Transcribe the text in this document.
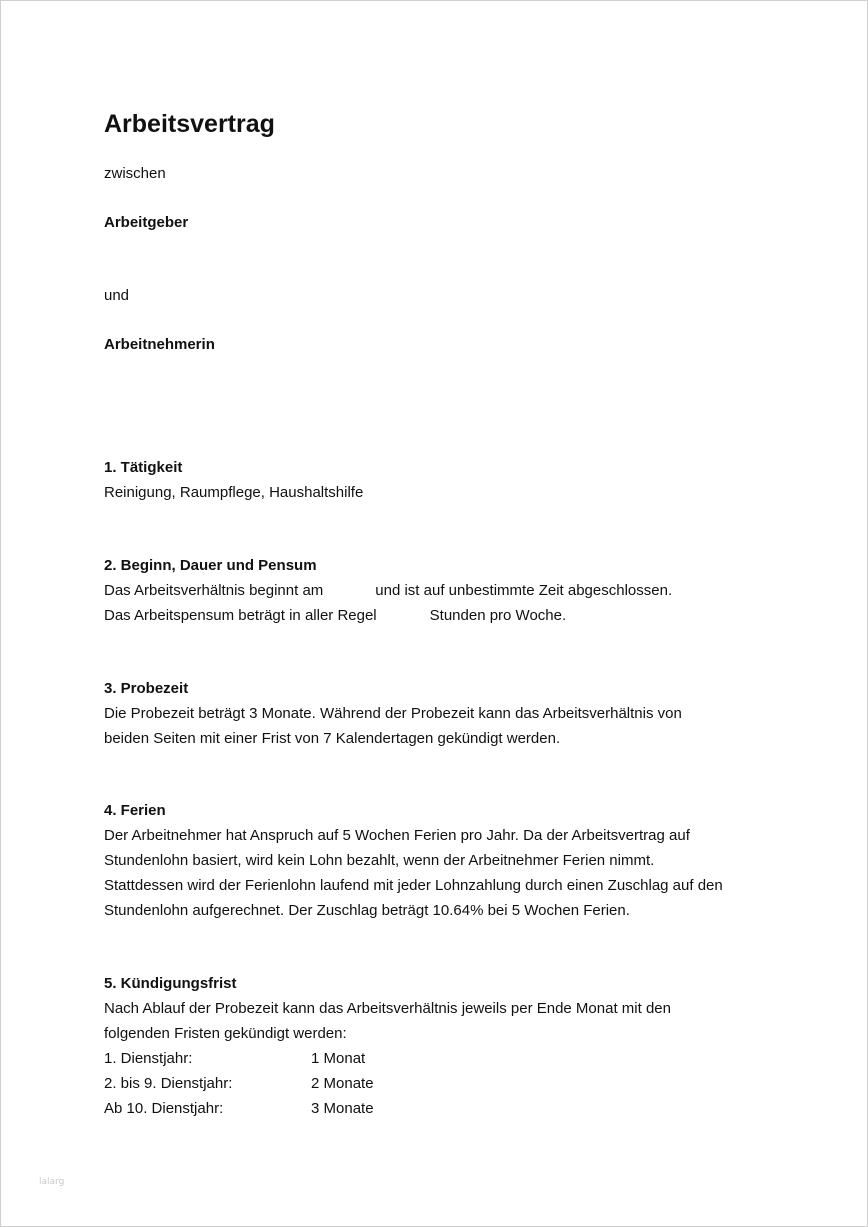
Arbeitsvertrag
zwischen
Arbeitgeber
und
Arbeitnehmerin
1. Tätigkeit
Reinigung, Raumpflege, Haushaltshilfe
2. Beginn, Dauer und Pensum
Das Arbeitsverhältnis beginnt am	und ist auf unbestimmte Zeit abgeschlossen.
Das Arbeitspensum beträgt in aller Regel	Stunden pro Woche.
3. Probezeit
Die Probezeit beträgt 3 Monate. Während der Probezeit kann das Arbeitsverhältnis von
beiden Seiten mit einer Frist von 7 Kalendertagen gekündigt werden.
4. Ferien
Der Arbeitnehmer hat Anspruch auf 5 Wochen Ferien pro Jahr. Da der Arbeitsvertrag auf
Stundenlohn basiert, wird kein Lohn bezahlt, wenn der Arbeitnehmer Ferien nimmt.
Stattdessen wird der Ferienlohn laufend mit jeder Lohnzahlung durch einen Zuschlag auf den
Stundenlohn aufgerechnet. Der Zuschlag beträgt 10.64% bei 5 Wochen Ferien.
5. Kündigungsfrist
Nach Ablauf der Probezeit kann das Arbeitsverhältnis jeweils per Ende Monat mit den
folgenden Fristen gekündigt werden:
1. Dienstjahr:	1 Monat
2. bis 9. Dienstjahr:	2 Monate
Ab 10. Dienstjahr:	3 Monate
lalarg
